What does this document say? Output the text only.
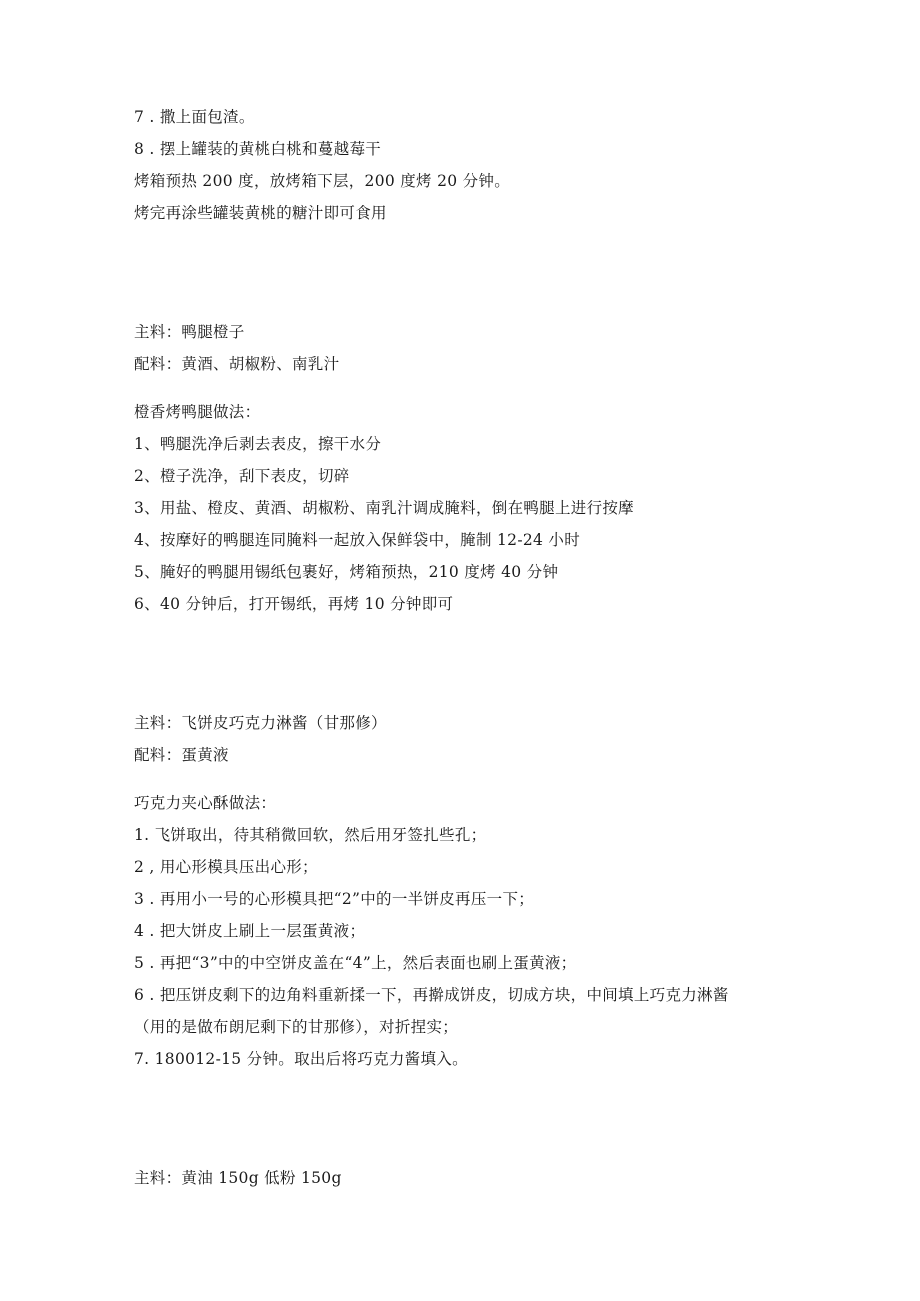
7 . 撒上面包渣。
8 . 摆上罐装的黄桃白桃和蔓越莓干
烤箱预热 200 度，放烤箱下层，200 度烤 20 分钟。
烤完再涂些罐装黄桃的糖汁即可食用
主料：鸭腿橙子
配料：黄酒、胡椒粉、南乳汁
橙香烤鸭腿做法：
1、鸭腿洗净后剥去表皮，擦干水分
2、橙子洗净，刮下表皮，切碎
3、用盐、橙皮、黄酒、胡椒粉、南乳汁调成腌料，倒在鸭腿上进行按摩
4、按摩好的鸭腿连同腌料一起放入保鲜袋中，腌制 12-24 小时
5、腌好的鸭腿用锡纸包裹好，烤箱预热，210 度烤 40 分钟
6、40 分钟后，打开锡纸，再烤 10 分钟即可
主料：飞饼皮巧克力淋酱（甘那修）
配料：蛋黄液
巧克力夹心酥做法：
1. 飞饼取出，待其稍微回软，然后用牙签扎些孔；
2 , 用心形模具压出心形；
3 . 再用小一号的心形模具把“2”中的一半饼皮再压一下；
4 . 把大饼皮上刷上一层蛋黄液；
5 . 再把“3”中的中空饼皮盖在“4”上，然后表面也刷上蛋黄液；
6 . 把压饼皮剩下的边角料重新揉一下，再擀成饼皮，切成方块，中间填上巧克力淋酱
（用的是做布朗尼剩下的甘那修），对折捏实；
7. 180012-15 分钟。取出后将巧克力酱填入。
主料：黄油 150g 低粉 150g
